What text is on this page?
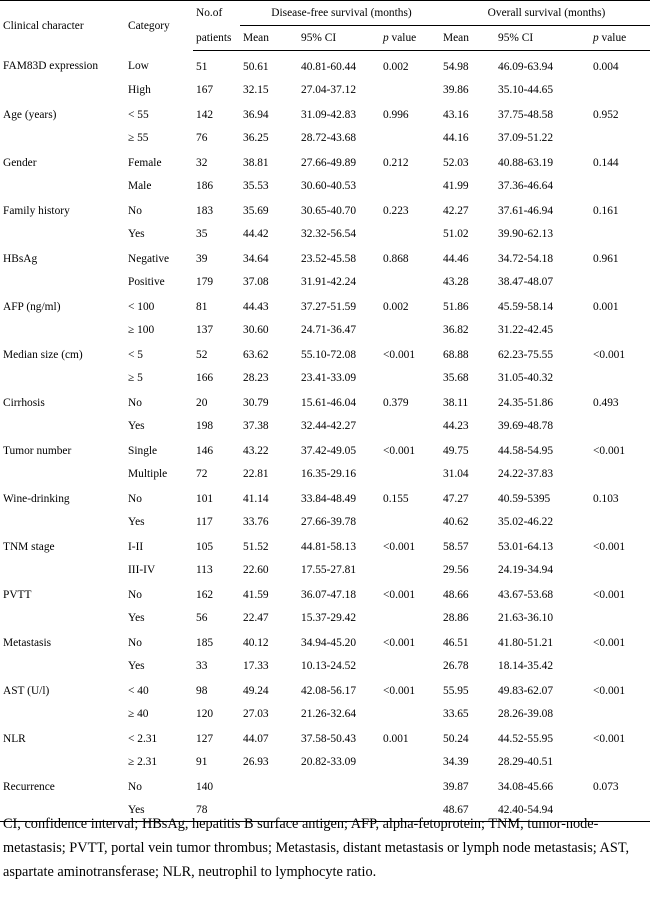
Clinical character	Category	No.of	Disease-free survival (months)			Overall survival (months)		
		patients	Mean	95% CI	p value	Mean	95% CI	p value
FAM83D expression	Low	51	50.61	40.81-60.44	0.002	54.98	46.09-63.94	0.004
	High	167	32.15	27.04-37.12		39.86	35.10-44.65	
Age (years)	< 55	142	36.94	31.09-42.83	0.996	43.16	37.75-48.58	0.952
	≥ 55	76	36.25	28.72-43.68		44.16	37.09-51.22	
Gender	Female	32	38.81	27.66-49.89	0.212	52.03	40.88-63.19	0.144
	Male	186	35.53	30.60-40.53		41.99	37.36-46.64	
Family history	No	183	35.69	30.65-40.70	0.223	42.27	37.61-46.94	0.161
	Yes	35	44.42	32.32-56.54		51.02	39.90-62.13	
HBsAg	Negative	39	34.64	23.52-45.58	0.868	44.46	34.72-54.18	0.961
	Positive	179	37.08	31.91-42.24		43.28	38.47-48.07	
AFP (ng/ml)	< 100	81	44.43	37.27-51.59	0.002	51.86	45.59-58.14	0.001
	≥ 100	137	30.60	24.71-36.47		36.82	31.22-42.45	
Median size (cm)	< 5	52	63.62	55.10-72.08	<0.001	68.88	62.23-75.55	<0.001
	≥ 5	166	28.23	23.41-33.09		35.68	31.05-40.32	
Cirrhosis	No	20	30.79	15.61-46.04	0.379	38.11	24.35-51.86	0.493
	Yes	198	37.38	32.44-42.27		44.23	39.69-48.78	
Tumor number	Single	146	43.22	37.42-49.05	<0.001	49.75	44.58-54.95	<0.001
	Multiple	72	22.81	16.35-29.16		31.04	24.22-37.83	
Wine-drinking	No	101	41.14	33.84-48.49	0.155	47.27	40.59-5395	0.103
	Yes	117	33.76	27.66-39.78		40.62	35.02-46.22	
TNM stage	I-II	105	51.52	44.81-58.13	<0.001	58.57	53.01-64.13	<0.001
	III-IV	113	22.60	17.55-27.81		29.56	24.19-34.94	
PVTT	No	162	41.59	36.07-47.18	<0.001	48.66	43.67-53.68	<0.001
	Yes	56	22.47	15.37-29.42		28.86	21.63-36.10	
Metastasis	No	185	40.12	34.94-45.20	<0.001	46.51	41.80-51.21	<0.001
	Yes	33	17.33	10.13-24.52		26.78	18.14-35.42	
AST (U/l)	< 40	98	49.24	42.08-56.17	<0.001	55.95	49.83-62.07	<0.001
	≥ 40	120	27.03	21.26-32.64		33.65	28.26-39.08	
NLR	< 2.31	127	44.07	37.58-50.43	0.001	50.24	44.52-55.95	<0.001
	≥ 2.31	91	26.93	20.82-33.09		34.39	28.29-40.51	
Recurrence	No	140				39.87	34.08-45.66	0.073
	Yes	78				48.67	42.40-54.94	
CI, confidence interval; HBsAg, hepatitis B surface antigen; AFP, alpha-fetoprotein; TNM, tumor-node-metastasis; PVTT, portal vein tumor thrombus; Metastasis, distant metastasis or lymph node metastasis; AST, aspartate aminotransferase; NLR, neutrophil to lymphocyte ratio.
